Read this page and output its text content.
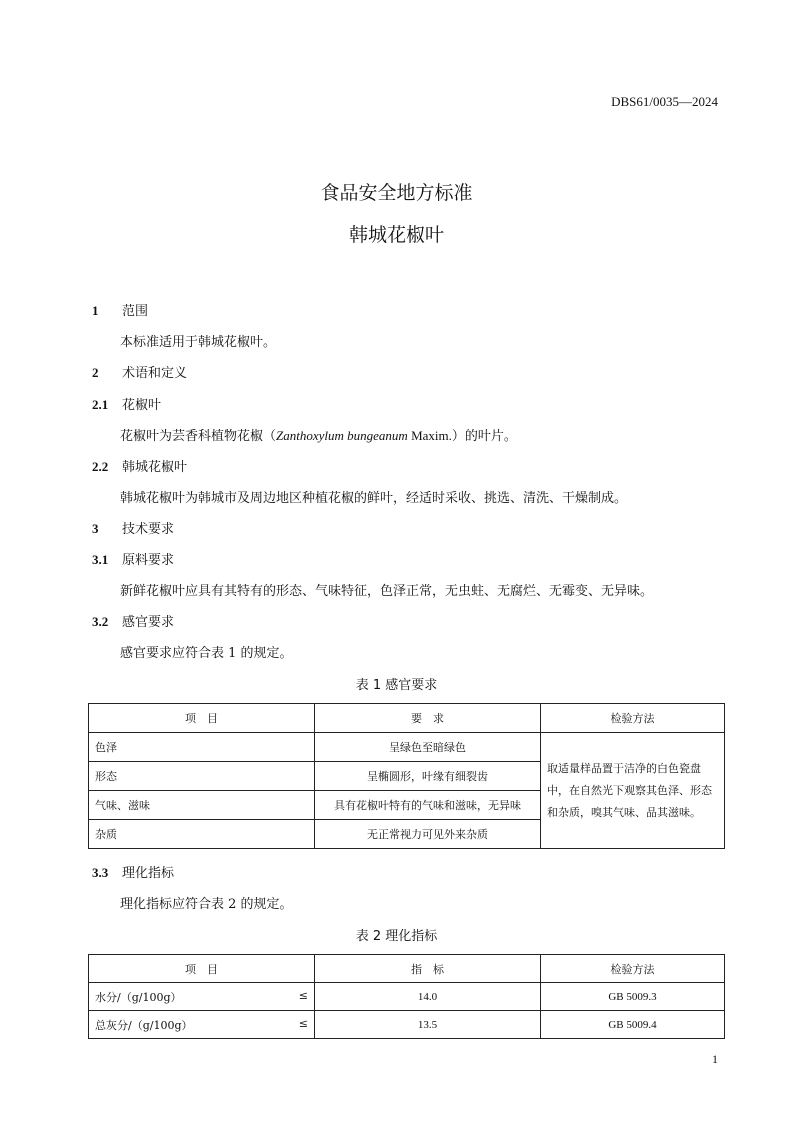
DBS61/0035—2024
食品安全地方标准
韩城花椒叶
1 范围
本标准适用于韩城花椒叶。
2 术语和定义
2.1 花椒叶
花椒叶为芸香科植物花椒（Zanthoxylum bungeanum Maxim.）的叶片。
2.2 韩城花椒叶
韩城花椒叶为韩城市及周边地区种植花椒的鲜叶，经适时采收、挑选、清洗、干燥制成。
3 技术要求
3.1 原料要求
新鲜花椒叶应具有其特有的形态、气味特征，色泽正常，无虫蛀、无腐烂、无霉变、无异味。
3.2 感官要求
感官要求应符合表 1 的规定。
表 1 感官要求
项　目	要　求	检验方法
色泽	呈绿色至暗绿色	取适量样品置于洁净的白色瓷盘中，在自然光下观察其色泽、形态和杂质，嗅其气味、品其滋味。
形态	呈椭圆形，叶缘有细裂齿	
气味、滋味	具有花椒叶特有的气味和滋味，无异味	
杂质	无正常视力可见外来杂质	
3.3 理化指标
理化指标应符合表 2 的规定。
表 2 理化指标
项　目	指　标	检验方法
水分/（g/100g） ≤	14.0	GB 5009.3
总灰分/（g/100g） ≤	13.5	GB 5009.4
1
